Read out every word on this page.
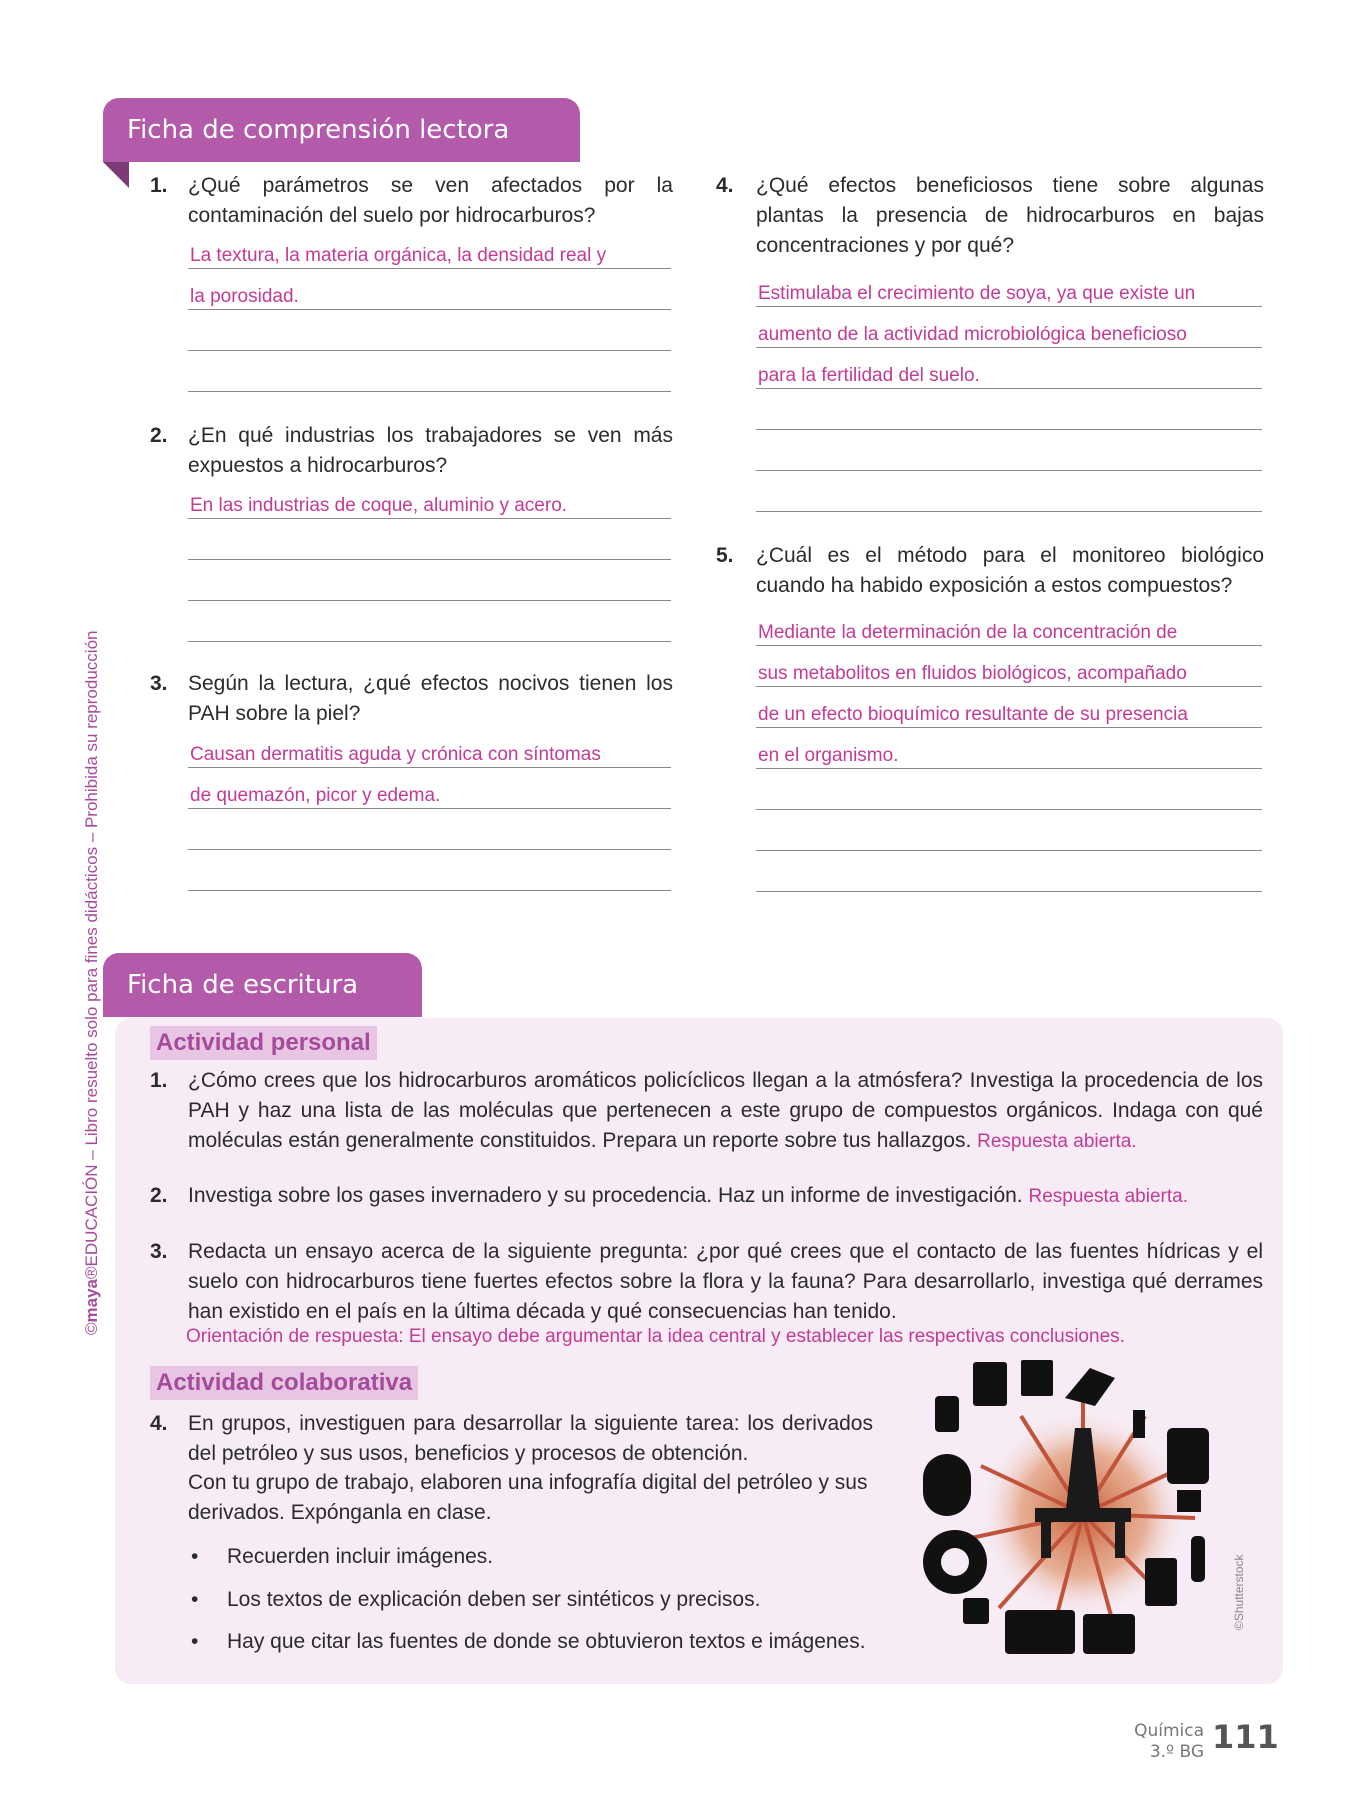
©maya®EDUCACIÓN – Libro resuelto solo para fines didácticos – Prohibida su reproducción
Ficha de comprensión lectora
1. ¿Qué parámetros se ven afectados por la contaminación del suelo por hidrocarburos?
La textura, la materia orgánica, la densidad real y
la porosidad.
2. ¿En qué industrias los trabajadores se ven más expuestos a hidrocarburos?
En las industrias de coque, aluminio y acero.
3. Según la lectura, ¿qué efectos nocivos tienen los PAH sobre la piel?
Causan dermatitis aguda y crónica con síntomas
de quemazón, picor y edema.
4. ¿Qué efectos beneficiosos tiene sobre algunas plantas la presencia de hidrocarburos en bajas concentraciones y por qué?
Estimulaba el crecimiento de soya, ya que existe un
aumento de la actividad microbiológica beneficioso
para la fertilidad del suelo.
5. ¿Cuál es el método para el monitoreo biológico cuando ha habido exposición a estos compuestos?
Mediante la determinación de la concentración de
sus metabolitos en fluidos biológicos, acompañado
de un efecto bioquímico resultante de su presencia
en el organismo.
Ficha de escritura
Actividad personal
1. ¿Cómo crees que los hidrocarburos aromáticos policíclicos llegan a la atmósfera? Investiga la procedencia de los PAH y haz una lista de las moléculas que pertenecen a este grupo de compuestos orgánicos. Indaga con qué moléculas están generalmente constituidos. Prepara un reporte sobre tus hallazgos. Respuesta abierta.
2. Investiga sobre los gases invernadero y su procedencia. Haz un informe de investigación. Respuesta abierta.
3. Redacta un ensayo acerca de la siguiente pregunta: ¿por qué crees que el contacto de las fuentes hídricas y el suelo con hidrocarburos tiene fuertes efectos sobre la flora y la fauna? Para desarrollarlo, investiga qué derrames han existido en el país en la última década y qué consecuencias han tenido.
Orientación de respuesta: El ensayo debe argumentar la idea central y establecer las respectivas conclusiones.
Actividad colaborativa
4. En grupos, investiguen para desarrollar la siguiente tarea: los derivados del petróleo y sus usos, beneficios y procesos de obtención.
Con tu grupo de trabajo, elaboren una infografía digital del petróleo y sus derivados. Expónganla en clase.
• Recuerden incluir imágenes.
• Los textos de explicación deben ser sintéticos y precisos.
• Hay que citar las fuentes de donde se obtuvieron textos e imágenes.
©Shutterstock
Química
3.º BG 111
